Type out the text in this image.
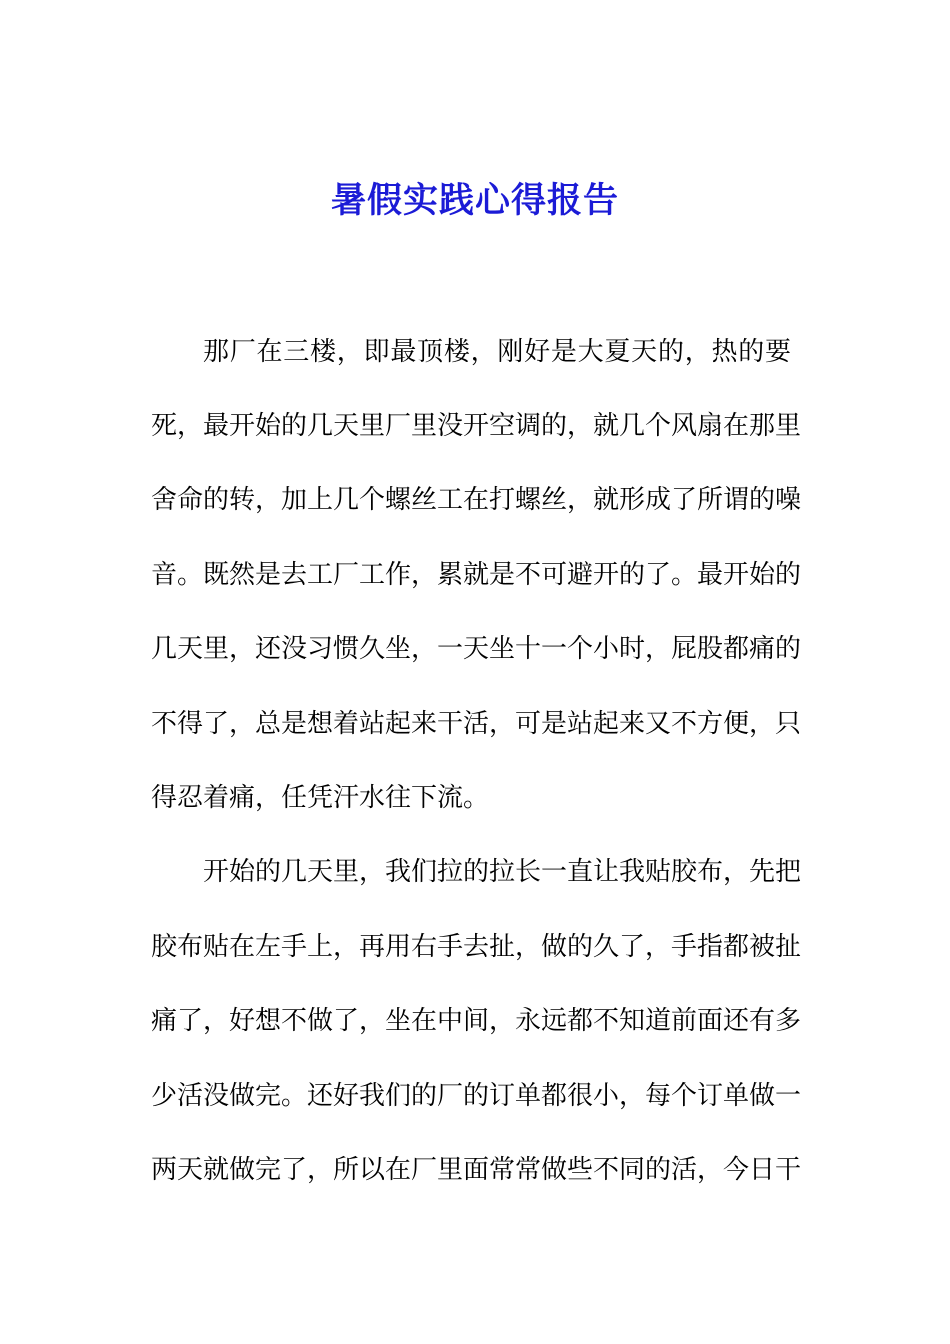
暑假实践心得报告
那厂在三楼，即最顶楼，刚好是大夏天的，热的要
死，最开始的几天里厂里没开空调的，就几个风扇在那里
舍命的转，加上几个螺丝工在打螺丝，就形成了所谓的噪
音。既然是去工厂工作，累就是不可避开的了。最开始的
几天里，还没习惯久坐，一天坐十一个小时，屁股都痛的
不得了，总是想着站起来干活，可是站起来又不方便，只
得忍着痛，任凭汗水往下流。
开始的几天里，我们拉的拉长一直让我贴胶布，先把
胶布贴在左手上，再用右手去扯，做的久了，手指都被扯
痛了，好想不做了，坐在中间，永远都不知道前面还有多
少活没做完。还好我们的厂的订单都很小，每个订单做一
两天就做完了，所以在厂里面常常做些不同的活，今日干
